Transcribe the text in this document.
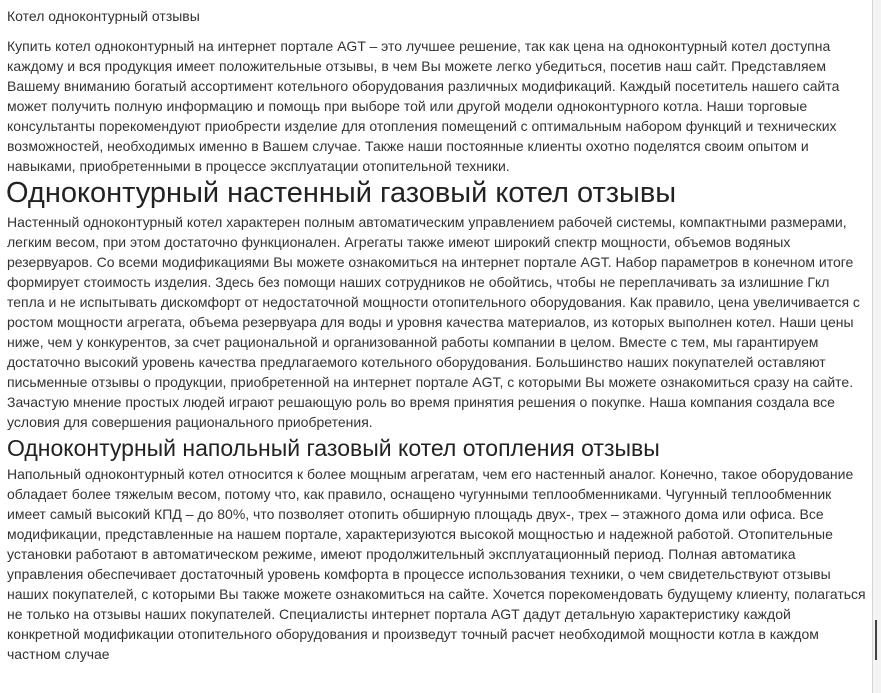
Котел одноконтурный отзывы

Купить котел одноконтурный на интернет портале AGT – это лучшее решение, так как цена на одноконтурный котел доступна каждому и вся продукция имеет положительные отзывы, в чем Вы можете легко убедиться, посетив наш сайт. Представляем Вашему вниманию богатый ассортимент котельного оборудования различных модификаций. Каждый посетитель нашего сайта может получить полную информацию и помощь при выборе той или другой модели одноконтурного котла. Наши торговые консультанты порекомендуют приобрести изделие для отопления помещений с оптимальным набором функций и технических возможностей, необходимых именно в Вашем случае. Также наши постоянные клиенты охотно поделятся своим опытом и навыками, приобретенными в процессе эксплуатации отопительной техники.

Одноконтурный настенный газовый котел отзывы

Настенный одноконтурный котел характерен полным автоматическим управлением рабочей системы, компактными размерами, легким весом, при этом достаточно функционален. Агрегаты также имеют широкий спектр мощности, объемов водяных резервуаров. Со всеми модификациями Вы можете ознакомиться на интернет портале AGT. Набор параметров в конечном итоге формирует стоимость изделия. Здесь без помощи наших сотрудников не обойтись, чтобы не переплачивать за излишние Гкл тепла и не испытывать дискомфорт от недостаточной мощности отопительного оборудования. Как правило, цена увеличивается с ростом мощности агрегата, объема резервуара для воды и уровня качества материалов, из которых выполнен котел. Наши цены ниже, чем у конкурентов, за счет рациональной и организованной работы компании в целом. Вместе с тем, мы гарантируем достаточно высокий уровень качества предлагаемого котельного оборудования. Большинство наших покупателей оставляют письменные отзывы о продукции, приобретенной на интернет портале AGT, с которыми Вы можете ознакомиться сразу на сайте. Зачастую мнение простых людей играют решающую роль во время принятия решения о покупке. Наша компания создала все условия для совершения рационального приобретения.

Одноконтурный напольный газовый котел отопления отзывы

Напольный одноконтурный котел относится к более мощным агрегатам, чем его настенный аналог. Конечно, такое оборудование обладает более тяжелым весом, потому что, как правило, оснащено чугунными теплообменниками. Чугунный теплообменник имеет самый высокий КПД – до 80%, что позволяет отопить обширную площадь двух-, трех – этажного дома или офиса. Все модификации, представленные на нашем портале, характеризуются высокой мощностью и надежной работой. Отопительные установки работают в автоматическом режиме, имеют продолжительный эксплуатационный период. Полная автоматика управления обеспечивает достаточный уровень комфорта в процессе использования техники, о чем свидетельствуют отзывы наших покупателей, с которыми Вы также можете ознакомиться на сайте. Хочется порекомендовать будущему клиенту, полагаться не только на отзывы наших покупателей. Специалисты интернет портала AGT дадут детальную характеристику каждой конкретной модификации отопительного оборудования и произведут точный расчет необходимой мощности котла в каждом частном случае
